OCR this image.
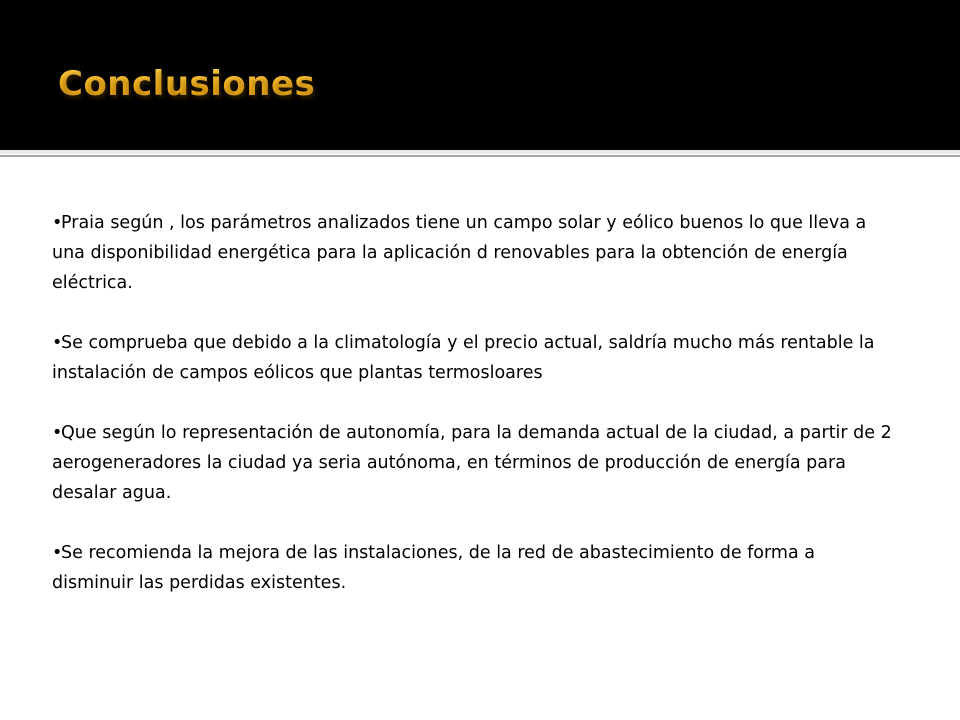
Conclusiones
•Praia según , los parámetros analizados tiene un campo solar y eólico buenos lo que lleva a una disponibilidad energética para la aplicación d renovables para la obtención de energía eléctrica.
•Se comprueba que debido a la climatología y el precio actual, saldría mucho más rentable la instalación de campos eólicos que plantas termosloares
•Que según lo representación de autonomía, para la demanda actual de la ciudad, a partir de 2 aerogeneradores la ciudad ya seria autónoma, en términos de producción de energía para desalar agua.
•Se recomienda la mejora de las instalaciones, de la red de abastecimiento de forma a disminuir las perdidas existentes.
